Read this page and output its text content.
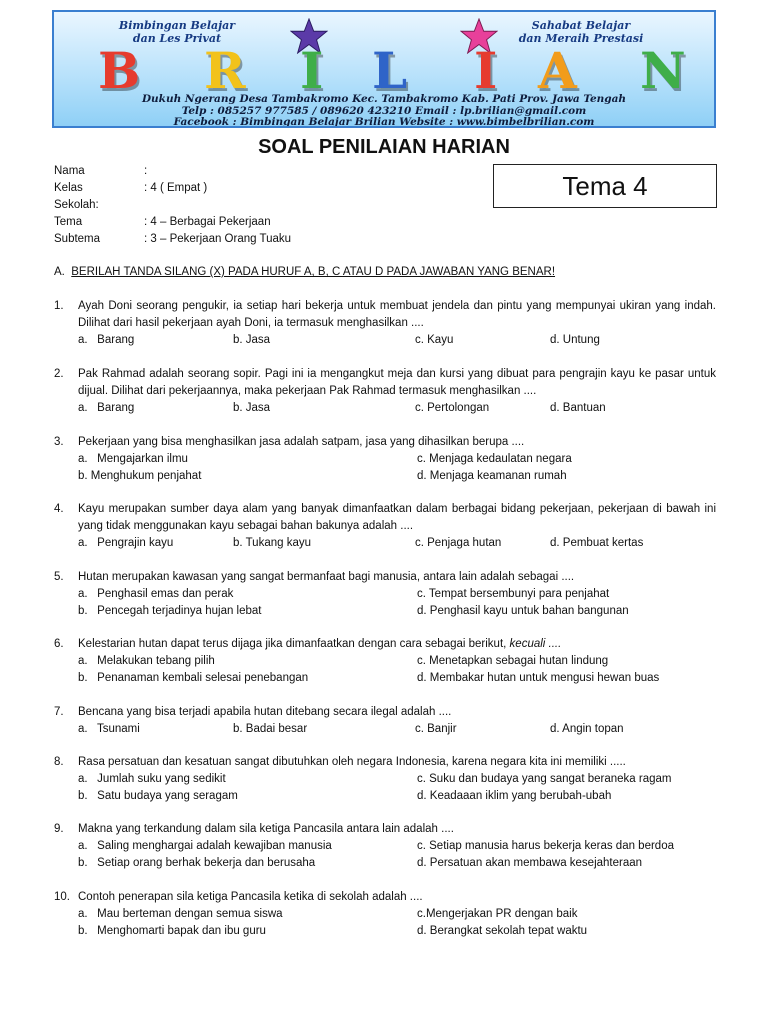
Bimbingan Belajar
dan Les Privat
Sahabat Belajar
dan Meraih Prestasi
B R I L I A N
Dukuh Ngerang Desa Tambakromo Kec. Tambakromo Kab. Pati Prov. Jawa Tengah
Telp : 085257 977585 / 089620 423210 Email : lp.brilian@gmail.com
Facebook : Bimbingan Belajar Brilian Website : www.bimbelbrilian.com
SOAL PENILAIAN HARIAN
Nama	:
Kelas	: 4 ( Empat )
Sekolah:
Tema	: 4 – Berbagai Pekerjaan
Subtema	: 3 – Pekerjaan Orang Tuaku
Tema 4
A. BERILAH TANDA SILANG (X) PADA HURUF A, B, C ATAU D PADA JAWABAN YANG BENAR!
1.	Ayah Doni seorang pengukir, ia setiap hari bekerja untuk membuat jendela dan pintu yang mempunyai ukiran yang indah. Dilihat dari hasil pekerjaan ayah Doni, ia termasuk menghasilkan ....
a.   Barang	b. Jasa	c. Kayu	d. Untung
2.	Pak Rahmad adalah seorang sopir. Pagi ini ia mengangkut meja dan kursi yang dibuat para pengrajin kayu ke pasar untuk dijual. Dilihat dari pekerjaannya, maka pekerjaan Pak Rahmad termasuk menghasilkan ....
a.   Barang	b. Jasa	c. Pertolongan	d. Bantuan
3.	Pekerjaan yang bisa menghasilkan jasa adalah satpam, jasa yang dihasilkan berupa ....
a.   Mengajarkan ilmu	c. Menjaga kedaulatan negara
b. Menghukum penjahat	d. Menjaga keamanan rumah
4.	Kayu merupakan sumber daya alam yang banyak dimanfaatkan dalam berbagai bidang pekerjaan, pekerjaan di bawah ini yang tidak menggunakan kayu sebagai bahan bakunya adalah ....
a.   Pengrajin kayu	b. Tukang kayu	c. Penjaga hutan	d. Pembuat kertas
5.	Hutan merupakan kawasan yang sangat bermanfaat bagi manusia, antara lain adalah sebagai ....
a.   Penghasil emas dan perak	c. Tempat bersembunyi para penjahat
b.   Pencegah terjadinya hujan lebat	d. Penghasil kayu untuk bahan bangunan
6.	Kelestarian hutan dapat terus dijaga jika dimanfaatkan dengan cara sebagai berikut, kecuali ....
a.   Melakukan tebang pilih	c. Menetapkan sebagai hutan lindung
b.   Penanaman kembali selesai penebangan	d. Membakar hutan untuk mengusi hewan buas
7.	Bencana yang bisa terjadi apabila hutan ditebang secara ilegal adalah ....
a.   Tsunami	b. Badai besar	c. Banjir	d. Angin topan
8.	Rasa persatuan dan kesatuan sangat dibutuhkan oleh negara Indonesia, karena negara kita ini memiliki .....
a.   Jumlah suku yang sedikit	c. Suku dan budaya yang sangat beraneka ragam
b.   Satu budaya yang seragam	d. Keadaaan iklim yang berubah-ubah
9.	Makna yang terkandung dalam sila ketiga Pancasila antara lain adalah ....
a.   Saling menghargai adalah kewajiban manusia	c. Setiap manusia harus bekerja keras dan berdoa
b.   Setiap orang berhak bekerja dan berusaha	d. Persatuan akan membawa kesejahteraan
10. Contoh penerapan sila ketiga Pancasila ketika di sekolah adalah ....
a.   Mau berteman dengan semua siswa	c.Mengerjakan PR dengan baik
b.   Menghomarti bapak dan ibu guru	d. Berangkat sekolah tepat waktu
